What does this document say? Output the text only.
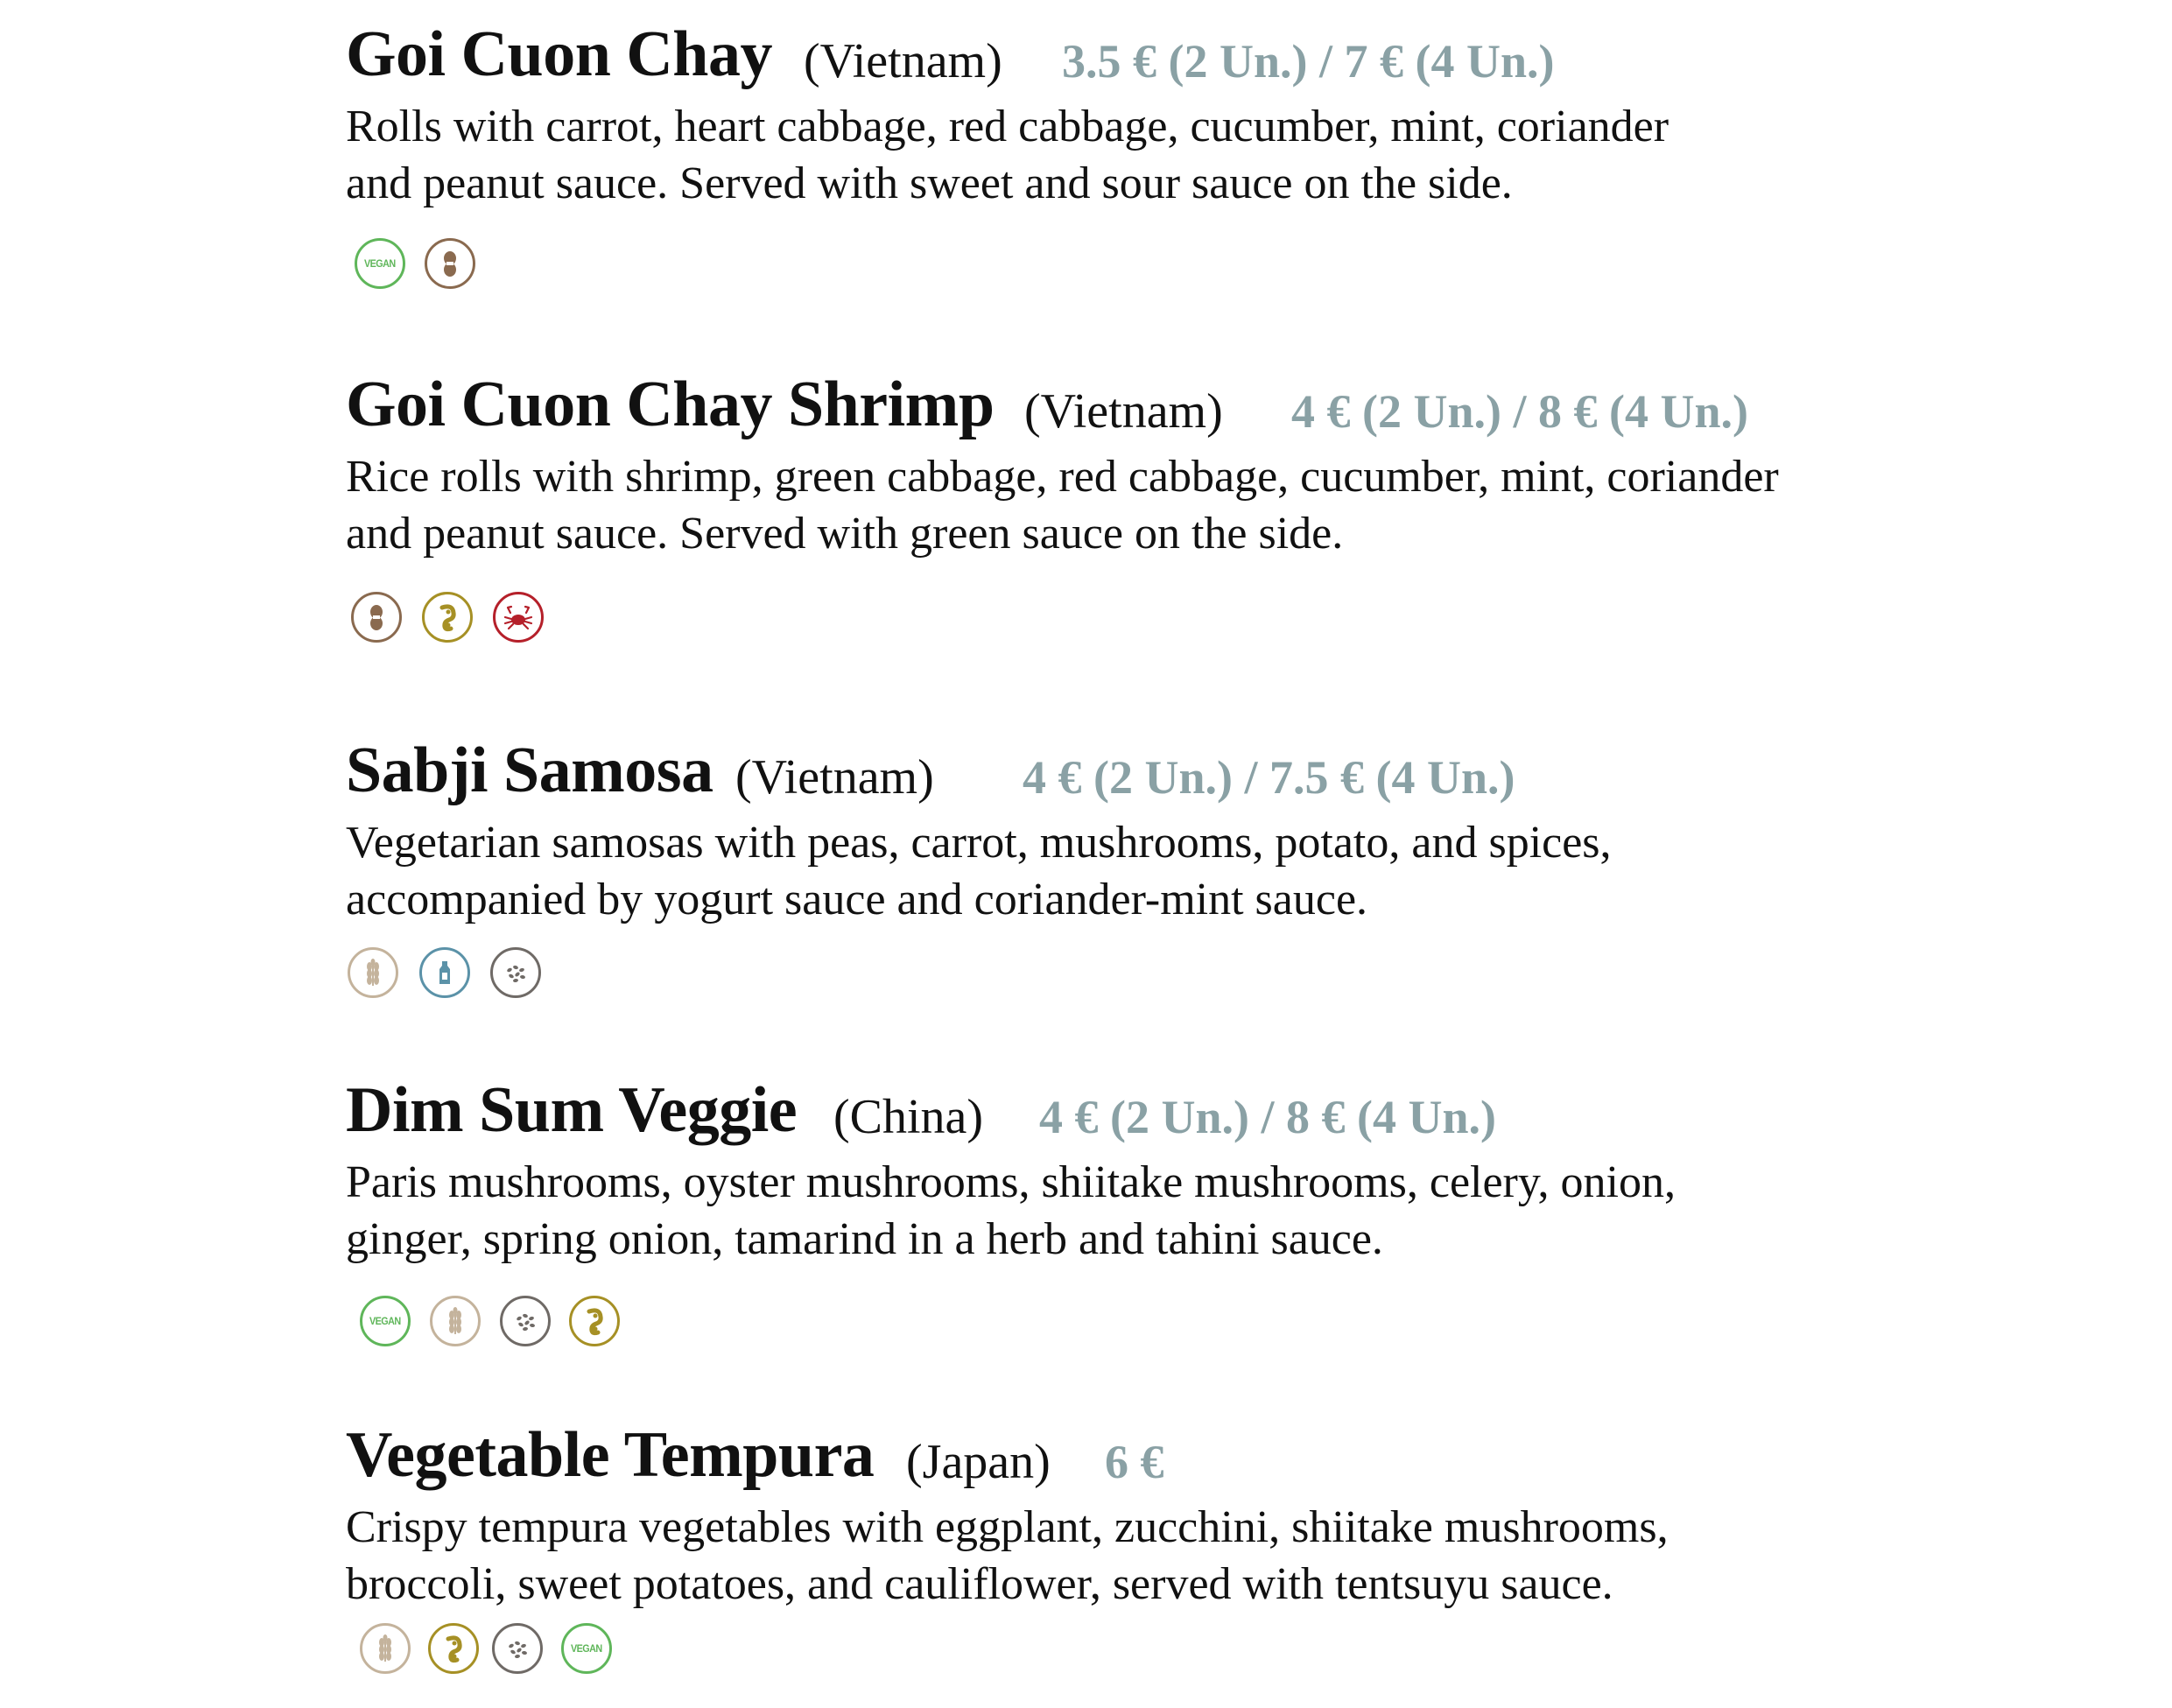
Goi Cuon Chay (Vietnam) 3.5 € (2 Un.) / 7 € (4 Un.)

Rolls with carrot, heart cabbage, red cabbage, cucumber, mint, coriander
and peanut sauce. Served with sweet and sour sauce on the side.

VEGAN
Goi Cuon Chay Shrimp (Vietnam) 4 € (2 Un.) / 8 € (4 Un.)

Rice rolls with shrimp, green cabbage, red cabbage, cucumber, mint, coriander
and peanut sauce. Served with green sauce on the side.

Sabji Samosa (Vietnam) 4 € (2 Un.) / 7.5 € (4 Un.)

Vegetarian samosas with peas, carrot, mushrooms, potato, and spices,
accompanied by yogurt sauce and coriander-mint sauce.

Dim Sum Veggie (China) 4 € (2 Un.) / 8 € (4 Un.)

Paris mushrooms, oyster mushrooms, shiitake mushrooms, celery, onion,
ginger, spring onion, tamarind in a herb and tahini sauce.

VEGAN
Vegetable Tempura (Japan) 6 €

Crispy tempura vegetables with eggplant, zucchini, shiitake mushrooms,
broccoli, sweet potatoes, and cauliflower, served with tentsuyu sauce.

VEGAN
